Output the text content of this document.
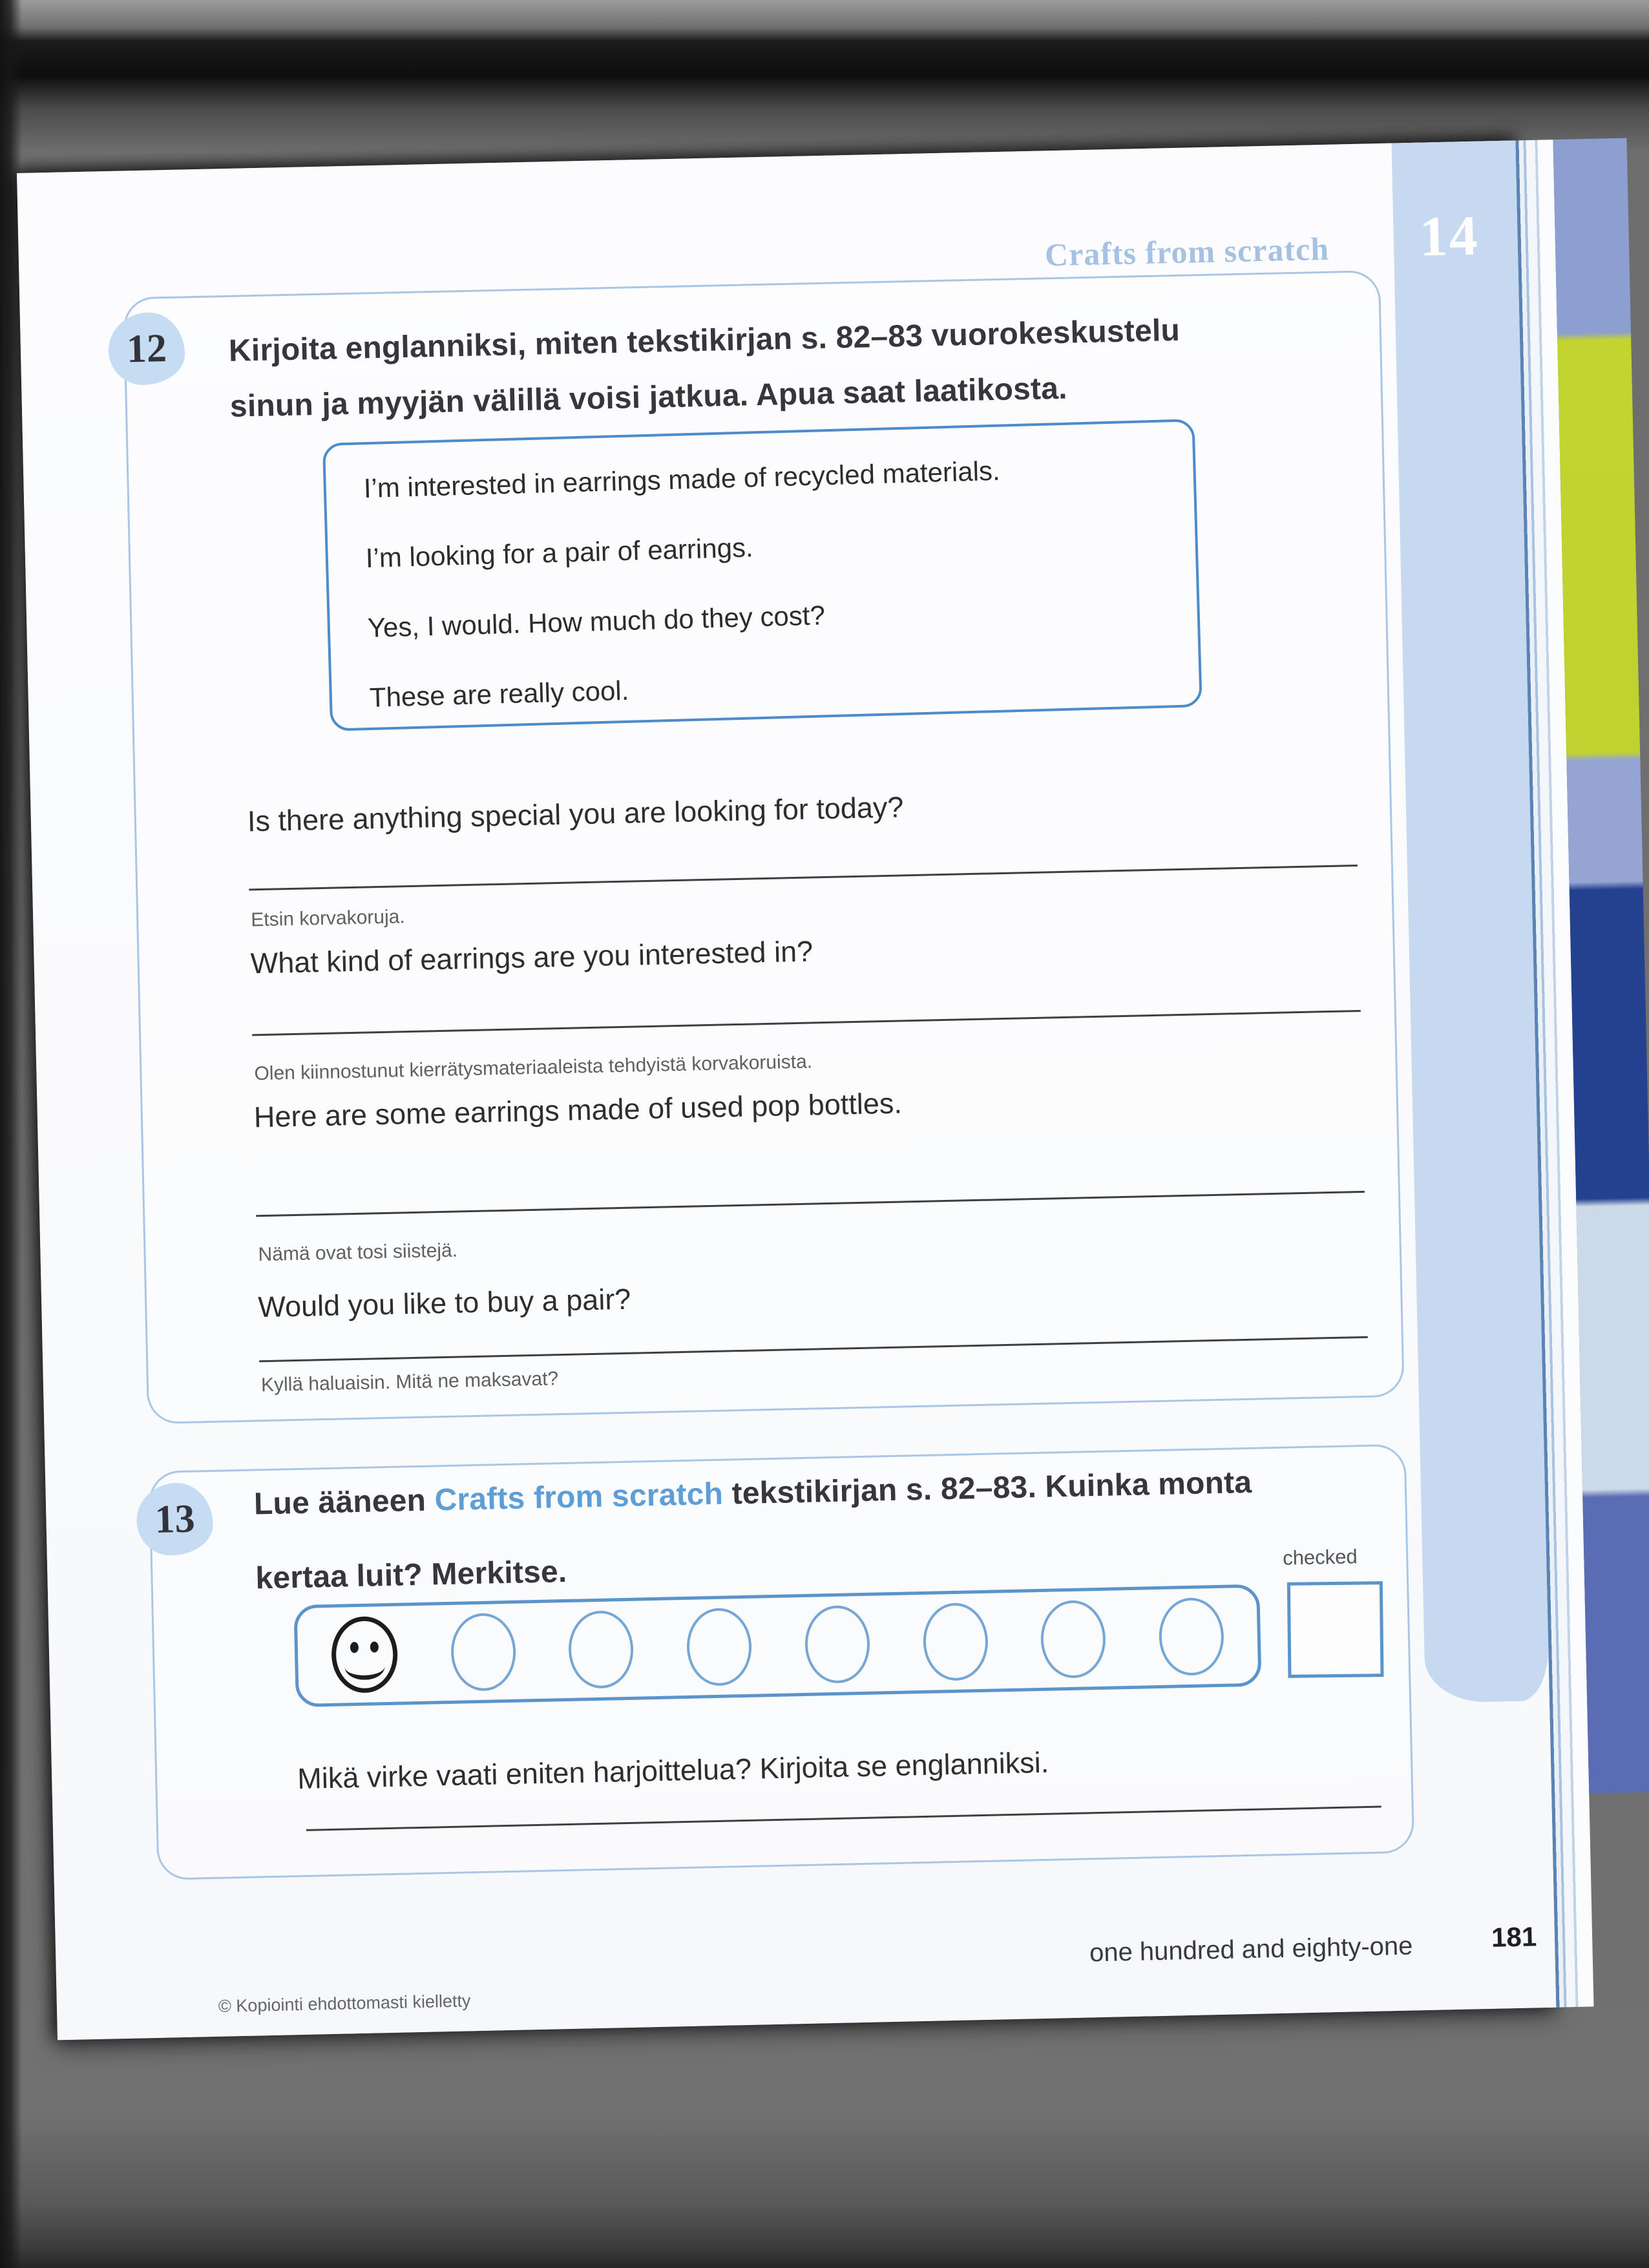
14
Crafts from scratch
12 Kirjoita englanniksi, miten tekstikirjan s. 82–83 vuorokeskustelu
sinun ja myyjän välillä voisi jatkua. Apua saat laatikosta.
I’m interested in earrings made of recycled materials.
I’m looking for a pair of earrings.
Yes, I would. How much do they cost?
These are really cool.
Is there anything special you are looking for today?
Etsin korvakoruja.
What kind of earrings are you interested in?
Olen kiinnostunut kierrätysmateriaaleista tehdyistä korvakoruista.
Here are some earrings made of used pop bottles.
Nämä ovat tosi siistejä.
Would you like to buy a pair?
Kyllä haluaisin. Mitä ne maksavat?
13 Lue ääneen Crafts from scratch tekstikirjan s. 82–83. Kuinka monta
kertaa luit? Merkitse.	checked
Mikä virke vaati eniten harjoittelua? Kirjoita se englanniksi.
© Kopiointi ehdottomasti kielletty
one hundred and eighty-one	181
